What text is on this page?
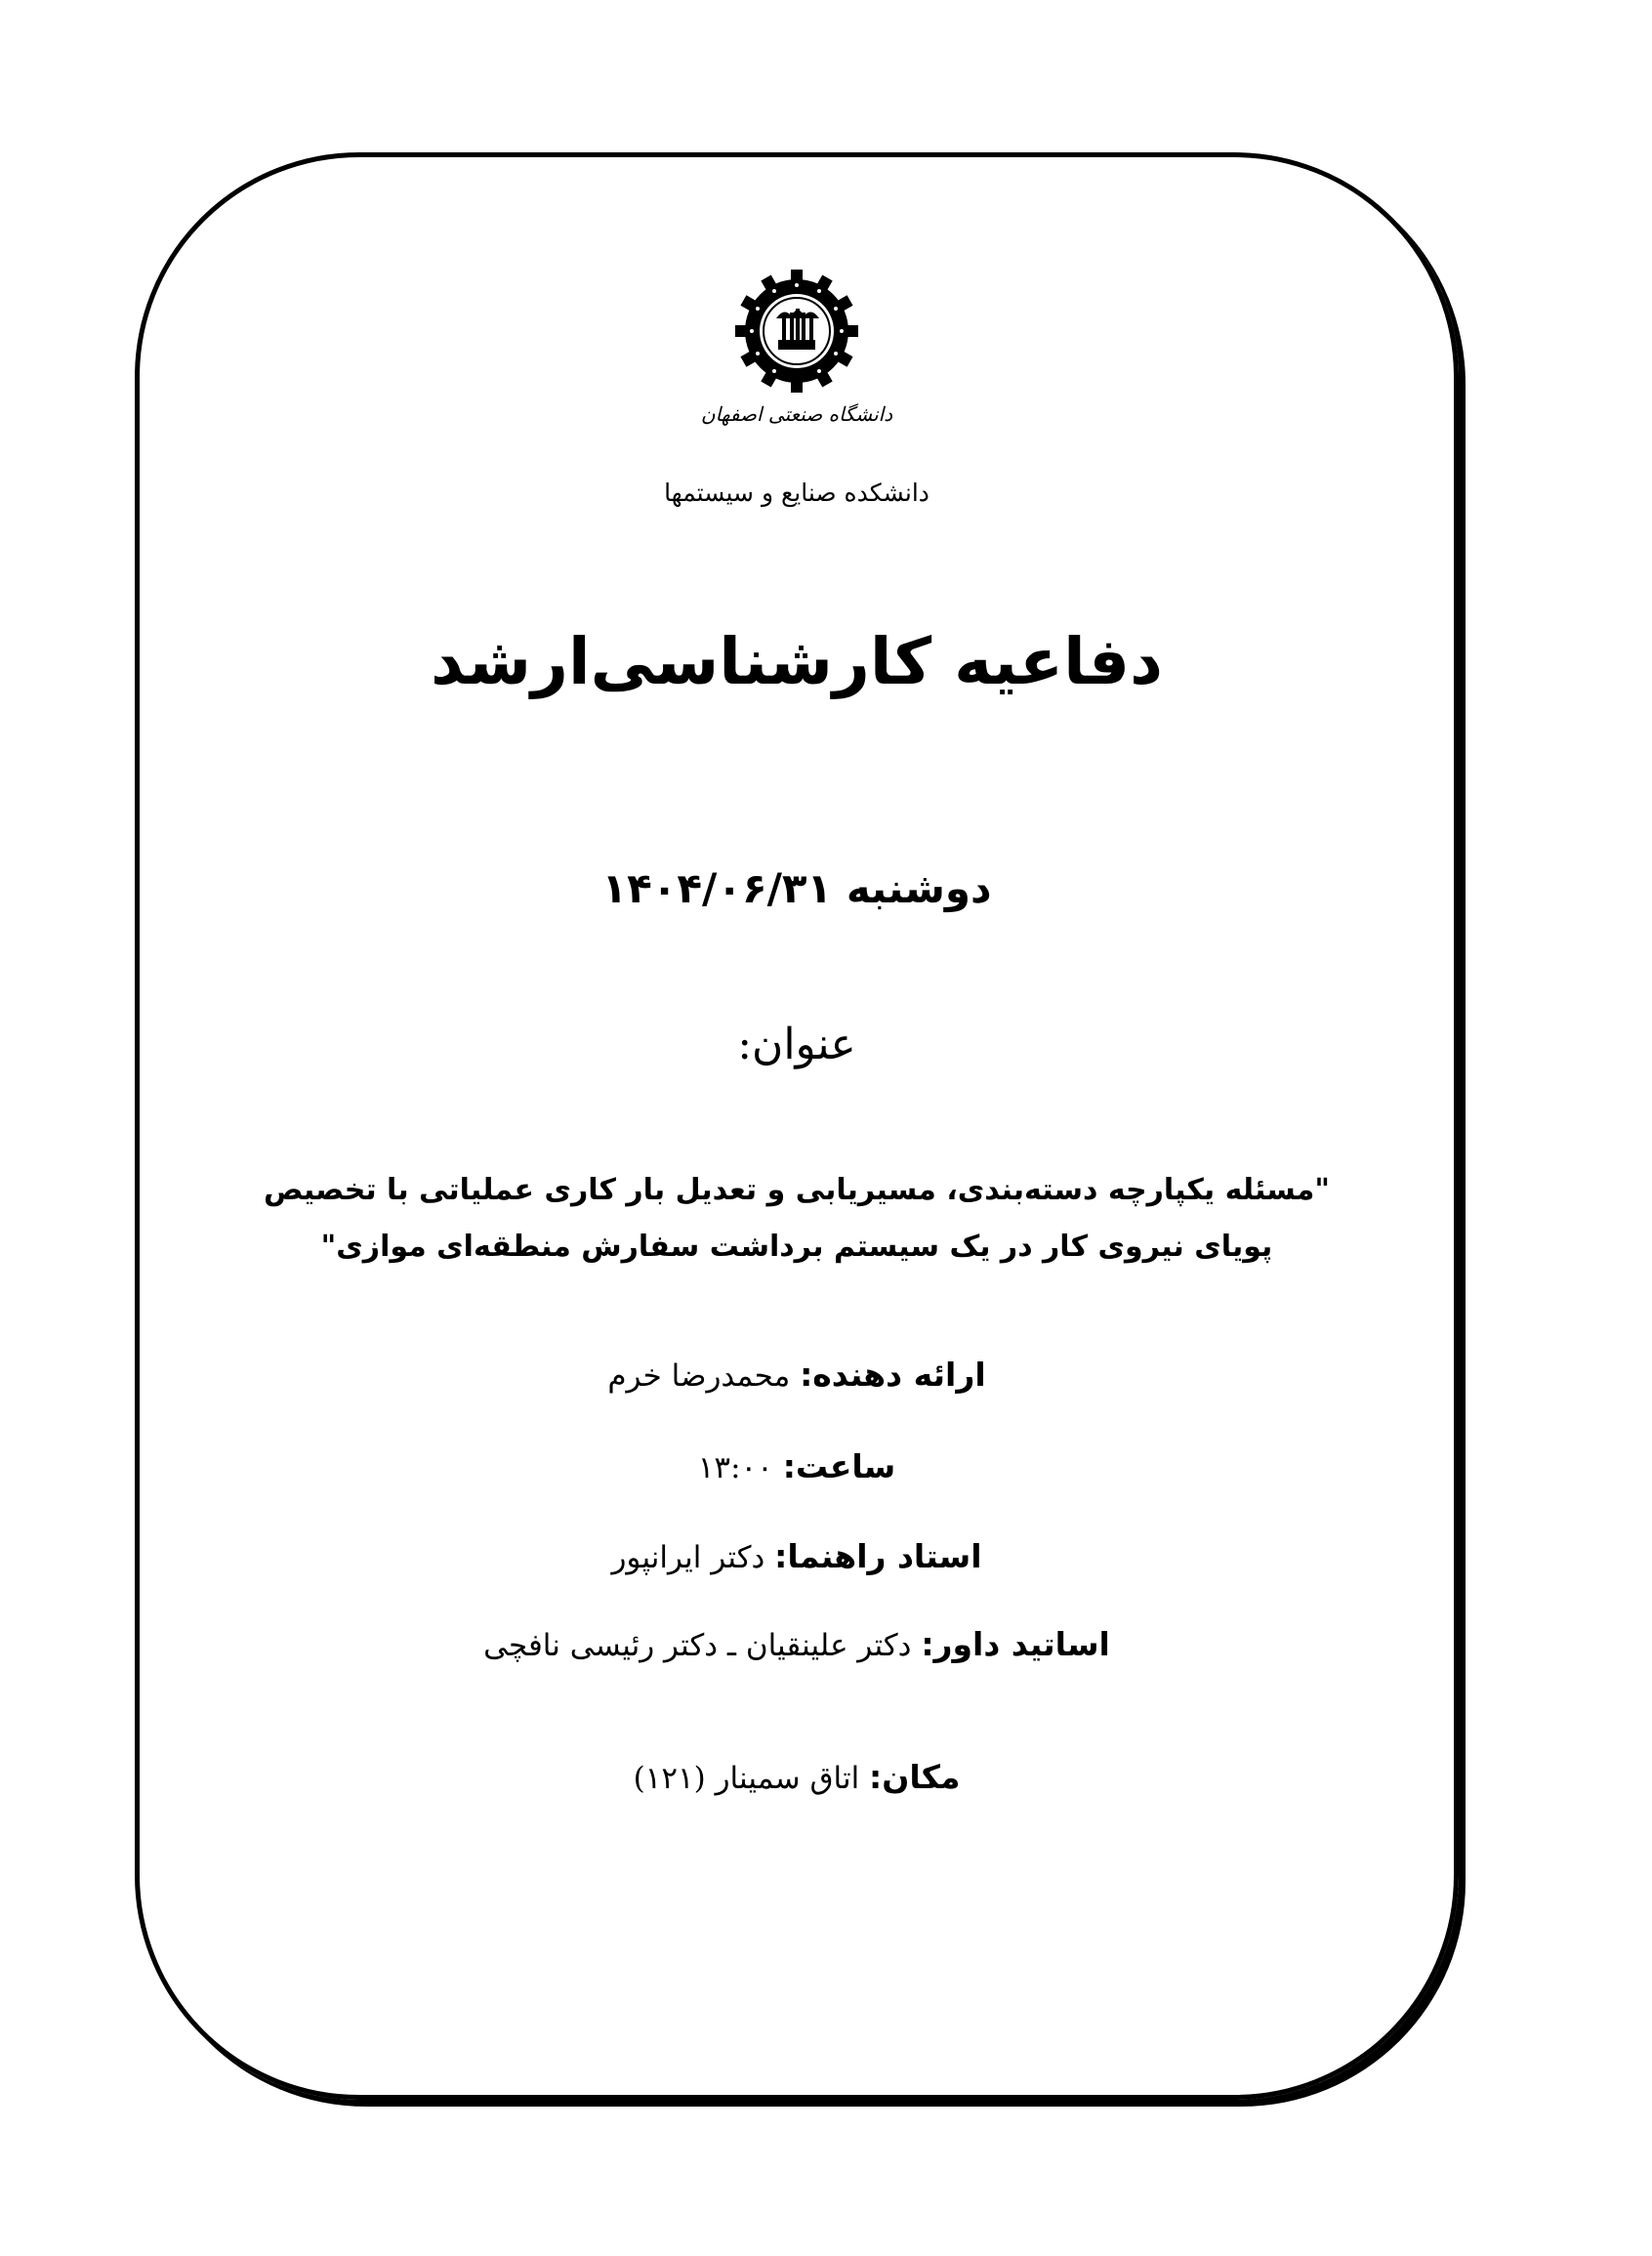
دانشگاه صنعتی اصفهان
دانشکده صنایع و سیستمها
دفاعیه کارشناسی‌ارشد
دوشنبه ۱۴۰۴/۰۶/۳۱
عنوان:
"مسئله یکپارچه دسته‌بندی، مسیریابی و تعدیل بار کاری عملیاتی با تخصیص
پویای نیروی کار در یک سیستم برداشت سفارش منطقه‌ای موازی"
ارائه دهنده: محمدرضا خرم
ساعت: ۱۳:۰۰
استاد راهنما: دکتر ایرانپور
اساتید داور: دکتر علینقیان ـ دکتر رئیسی نافچی
مکان: اتاق سمینار (۱۲۱)
